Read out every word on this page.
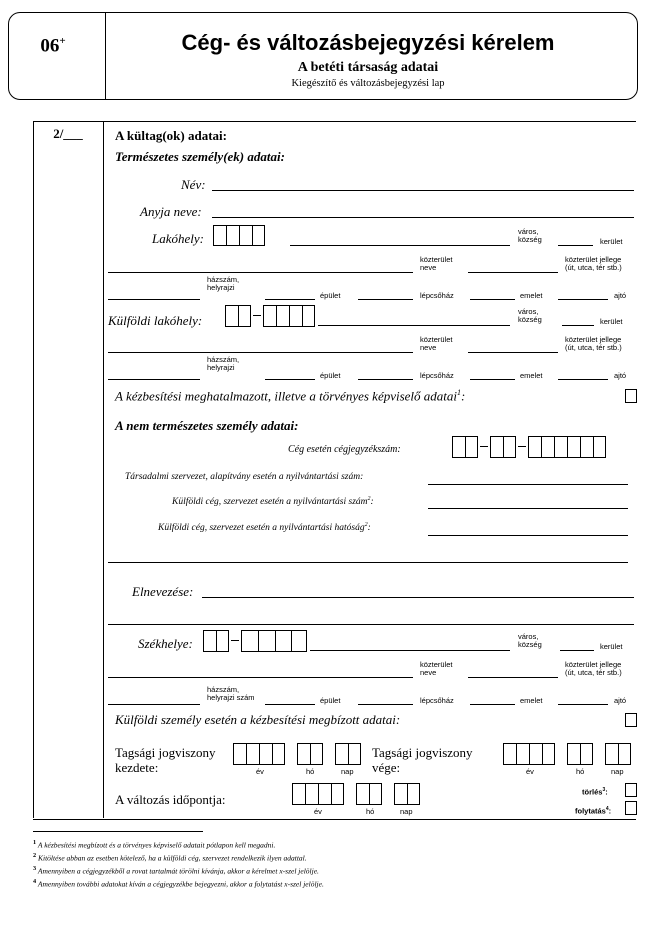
06+	Cég- és változásbejegyzési kérelem
A betéti társaság adatai
Kiegészítő és változásbejegyzési lap
2/___	A kültag(ok) adatai:
Természetes személy(ek) adatai:
Név:
Anyja neve:
Lakóhely:	város,
község	kerület
közterület
neve
közterület jellege
(út, utca, tér stb.)
házszám,
helyrajzi
épület	lépcsőház	emelet	ajtó
Külföldi lakóhely:
város,
község	kerület
közterület
neve
közterület jellege
(út, utca, tér stb.)
házszám,
helyrajzi
épület	lépcsőház	emelet	ajtó
A kézbesítési meghatalmazott, illetve a törvényes képviselő adatai$^1$:
A nem természetes személy adatai:
Cég esetén cégjegyzékszám:
Társadalmi szervezet, alapítvány esetén a nyilvántartási szám:
Külföldi cég, szervezet esetén a nyilvántartási szám$^2$:
Külföldi cég, szervezet esetén a nyilvántartási hatóság$^2$:
Elnevezése:
Székhelye:	város,
község	kerület
közterület
neve
közterület jellege
(út, utca, tér stb.)
házszám,
helyrajzi szám	épület	lépcsőház	emelet	ajtó
Külföldi személy esetén a kézbesítési megbízott adatai:
Tagsági jogviszony
kezdete:	év	hó	nap
Tagsági jogviszony
vége:	év	hó	nap
A változás időpontja:
év	hó	nap
törlés$^3$:
folytatás$^4$:
$^1$ A kézbesítési megbízott és a törvényes képviselő adatait pótlapon kell megadni.
$^2$ Kitöltése abban az esetben kötelező, ha a külföldi cég, szervezet rendelkezik ilyen adattal.
$^3$ Amennyiben a cégjegyzékből a rovat tartalmát törölni kívánja, akkor a kérelmet x-szel jelölje.
$^4$ Amennyiben további adatokat kíván a cégjegyzékbe bejegyezni, akkor a folytatást x-szel jelölje.
